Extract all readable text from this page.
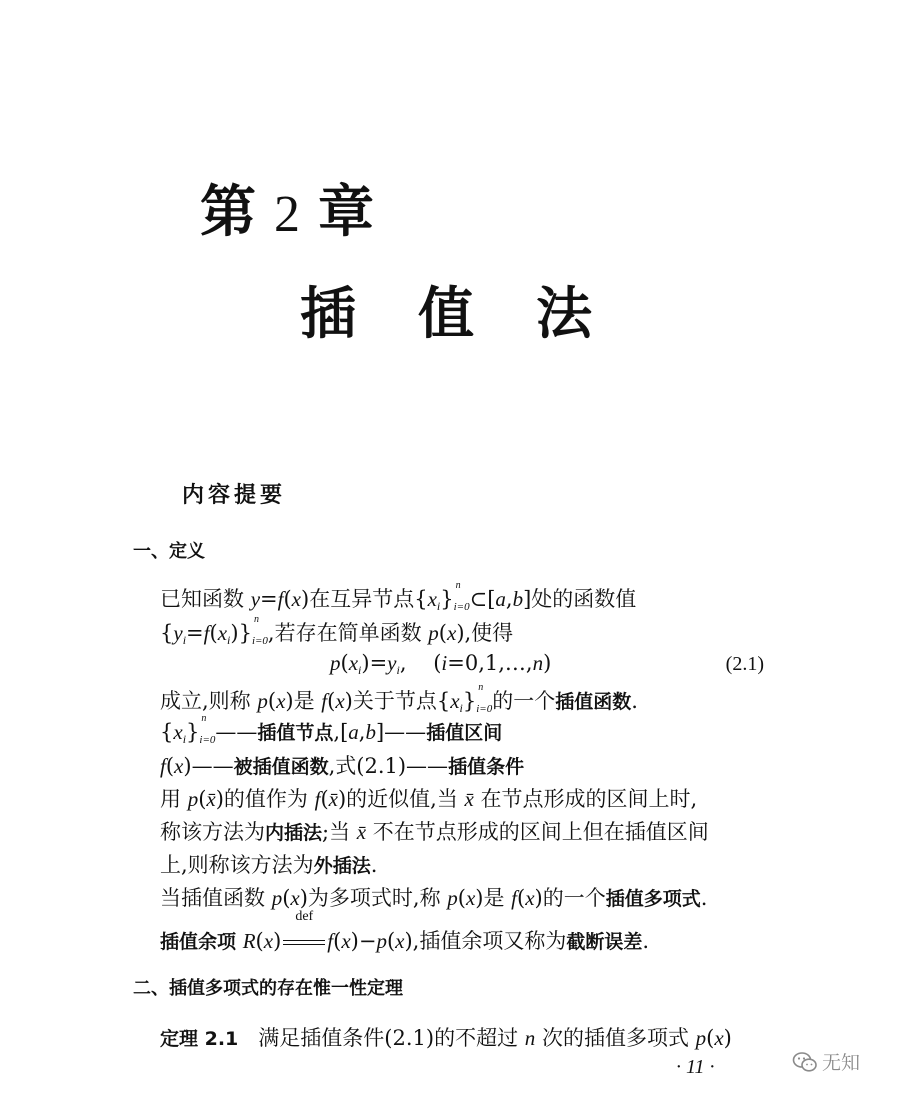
第 2 章
插值法
内容提要
一、定义
已知函数 y=f(x)在互异节点$\{x_i\}$
n
i=0⊂[a,b]处的函数值
$\{y_i=f(x_i)\}$
n
i=0,若存在简单函数 p(x),使得
$p(x_i)=y_i$,    (i=0,1,…,n)	(2.1)
成立,则称 p(x)是 f(x)关于节点$\{x_i\}$
n
i=0的一个插值函数.
$\{x_i\}$
n
i=0——插值节点,[a,b]——插值区间
f(x)——被插值函数,式(2.1)——插值条件
用 p(x̄)的值作为 f(x̄)的近似值,当 x̄ 在节点形成的区间上时,
称该方法为内插法;当 x̄ 不在节点形成的区间上但在插值区间
上,则称该方法为外插法.
当插值函数 p(x)为多项式时,称 p(x)是 f(x)的一个插值多项式.
插值余项 R(x)
def
f(x)−p(x),插值余项又称为截断误差.
二、插值多项式的存在惟一性定理
定理 2.1   满足插值条件(2.1)的不超过 n 次的插值多项式 p(x)
· 11 ·	无知
